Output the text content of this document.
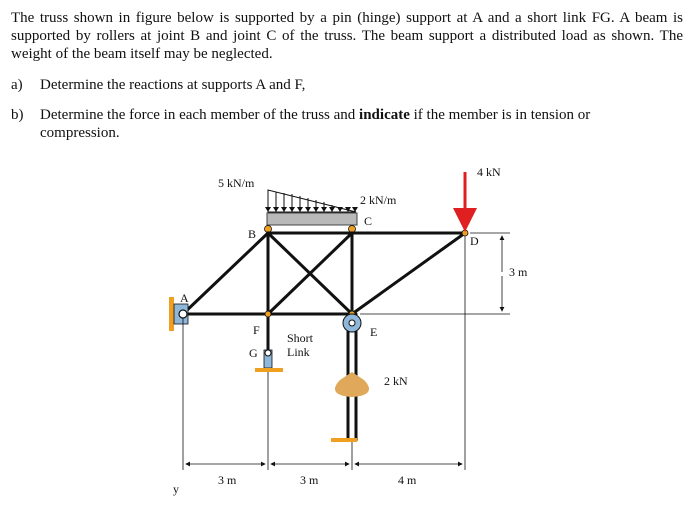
The truss shown in figure below is supported by a pin (hinge) support at A and a short link FG. A beam is supported by rollers at joint B and joint C of the truss. The beam support a distributed load as shown. The weight of the beam itself may be neglected.
a) Determine the reactions at supports A and F,
b) Determine the force in each member of the truss and indicate if the member is in tension or compression.
5 kN/m
2 kN/m
4 kN
2 kN
A
B
C
D
E
F
G
Short
Link
3 m
3 m	3 m	4 m
y
